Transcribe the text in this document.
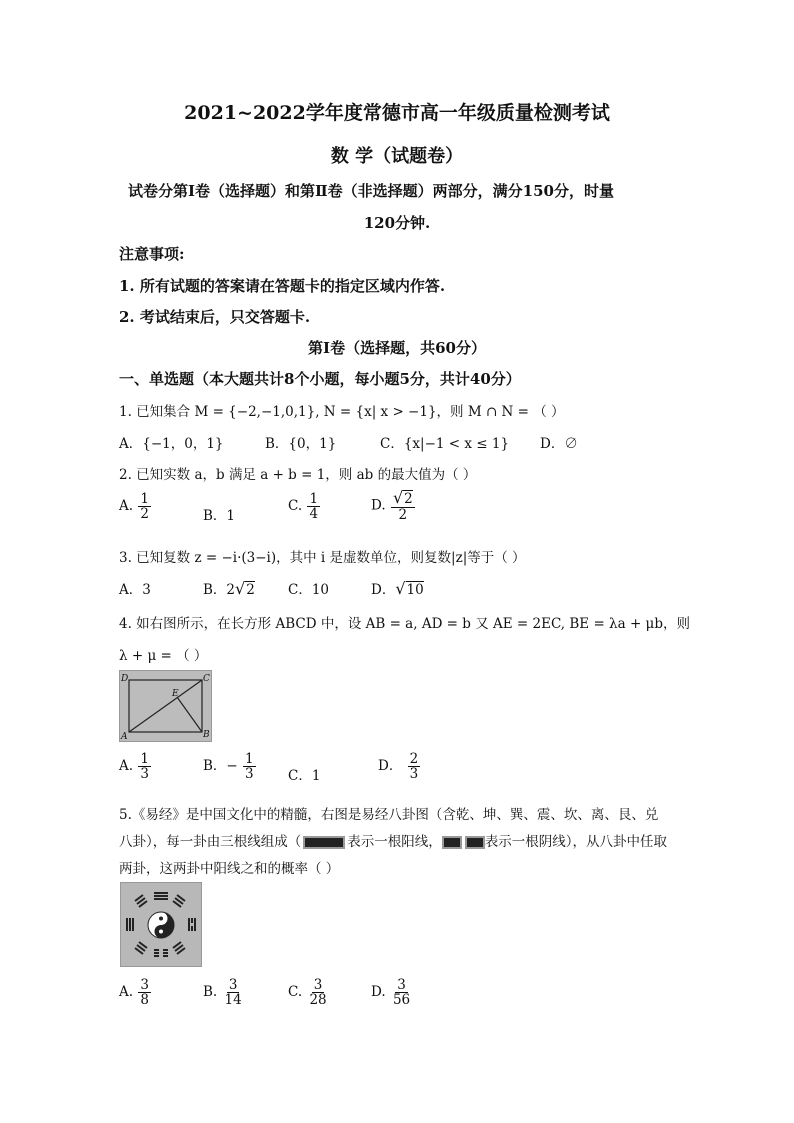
2021~2022学年度常德市高一年级质量检测考试
数 学（试题卷）
试卷分第Ⅰ卷（选择题）和第Ⅱ卷（非选择题）两部分，满分150分，时量
120分钟.
注意事项:
1. 所有试题的答案请在答题卡的指定区域内作答.
2. 考试结束后，只交答题卡.
第Ⅰ卷（选择题，共60分）
一、单选题（本大题共计8个小题，每小题5分，共计40分）
1. 已知集合 M = {−2,−1,0,1}, N = {x| x > −1}，则 M ∩ N = （ ）
A．{−1，0，1}	B．{0，1}	C．{x|−1 < x ≤ 1} D．∅
2. 已知实数 a，b 满足 a + b = 1，则 ab 的最大值为（ ）
A. $\frac{1}{2}$	B．1
C. $\frac{1}{4}$	D. $\frac{√2}{2}$
3. 已知复数 z = −i·(3−i)，其中 i 是虚数单位，则复数|z|等于（ ）
A．3	B．2√2 C．10	D．√10
4. 如右图所示，在长方形 ABCD 中，设 AB = a, AD = b 又 AE = 2EC, BE = λa + μb，则
λ + μ = （ ）
D	C
A	B
E
A. $\frac{1}{3}$	B．− $\frac{1}{3}$ C．1
D． $\frac{2}{3}$
5.《易经》是中国文化中的精髓，右图是易经八卦图（含乾、坤、巽、震、坎、离、艮、兑
八卦），每一卦由三根线组成（	表示一根阳线，	表示一根阴线），从八卦中任取
两卦，这两卦中阳线之和的概率（ ）
A. $\frac{3}{8}$	B. $\frac{3}{14}$	C. $\frac{3}{28}$	D. $\frac{3}{56}$
